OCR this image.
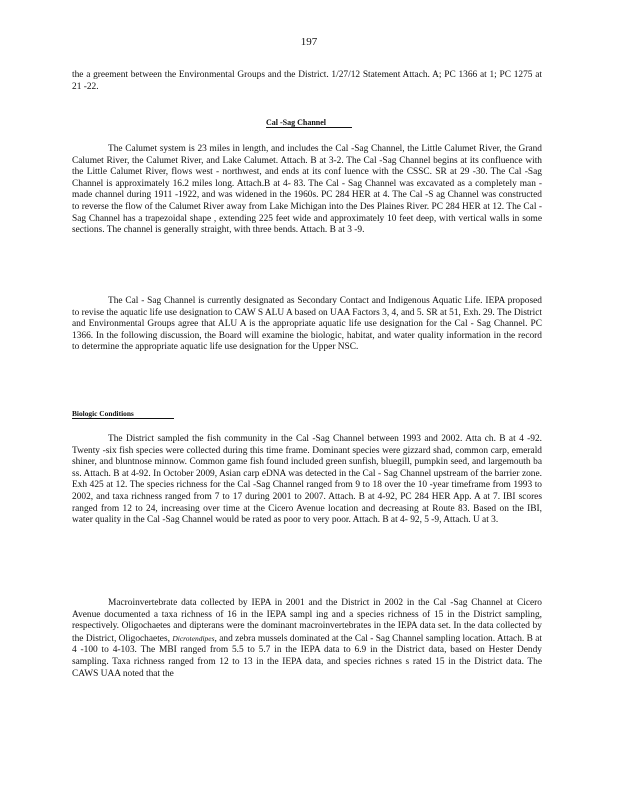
197

the a greement between the Environmental Groups and the District. 1/27/12 Statement Attach. A; PC 1366 at 1; PC 1275 at 21 -22.

Cal -Sag Channel

The Calumet system is 23 miles in length, and includes the Cal -Sag Channel, the Little Calumet River, the Grand Calumet River, the Calumet River, and Lake Calumet. Attach. B at 3-2. The Cal -Sag Channel begins at its confluence with the Little Calumet River, flows west - northwest, and ends at its conf luence with the CSSC. SR at 29 -30. The Cal -Sag Channel is approximately 16.2 miles long. Attach.B at 4- 83. The Cal - Sag Channel was excavated as a completely man -made channel during 1911 -1922, and was widened in the 1960s. PC 284 HER at 4. The Cal -S ag Channel was constructed to reverse the flow of the Calumet River away from Lake Michigan into the Des Plaines River. PC 284 HER at 12. The Cal - Sag Channel has a trapezoidal shape , extending 225 feet wide and approximately 10 feet deep, with vertical walls in some sections. The channel is generally straight, with three bends. Attach. B at 3 -9.

The Cal - Sag Channel is currently designated as Secondary Contact and Indigenous Aquatic Life. IEPA proposed to revise the aquatic life use designation to CAW S ALU A based on UAA Factors 3, 4, and 5. SR at 51, Exh. 29. The District and Environmental Groups agree that ALU A is the appropriate aquatic life use designation for the Cal - Sag Channel. PC 1366. In the following discussion, the Board will examine the biologic, habitat, and water quality information in the record to determine the appropriate aquatic life use designation for the Upper NSC.

Biologic Conditions

The District sampled the fish community in the Cal -Sag Channel between 1993 and 2002. Atta ch. B at 4 -92. Twenty -six fish species were collected during this time frame. Dominant species were gizzard shad, common carp, emerald shiner, and bluntnose minnow. Common game fish found included green sunfish, bluegill, pumpkin seed, and largemouth ba ss. Attach. B at 4-92. In October 2009, Asian carp eDNA was detected in the Cal - Sag Channel upstream of the barrier zone. Exh 425 at 12. The species richness for the Cal -Sag Channel ranged from 9 to 18 over the 10 -year timeframe from 1993 to 2002, and taxa richness ranged from 7 to 17 during 2001 to 2007. Attach. B at 4-92, PC 284 HER App. A at 7. IBI scores ranged from 12 to 24, increasing over time at the Cicero Avenue location and decreasing at Route 83. Based on the IBI, water quality in the Cal -Sag Channel would be rated as poor to very poor. Attach. B at 4- 92, 5 -9, Attach. U at 3.

Macroinvertebrate data collected by IEPA in 2001 and the District in 2002 in the Cal -Sag Channel at Cicero Avenue documented a taxa richness of 16 in the IEPA sampl ing and a species richness of 15 in the District sampling, respectively. Oligochaetes and dipterans were the dominant macroinvertebrates in the IEPA data set. In the data collected by the District, Oligochaetes, Dicrotendipes, and zebra mussels dominated at the Cal - Sag Channel sampling location. Attach. B at 4 -100 to 4-103. The MBI ranged from 5.5 to 5.7 in the IEPA data to 6.9 in the District data, based on Hester Dendy sampling. Taxa richness ranged from 12 to 13 in the IEPA data, and species richnes s rated 15 in the District data. The CAWS UAA noted that the
